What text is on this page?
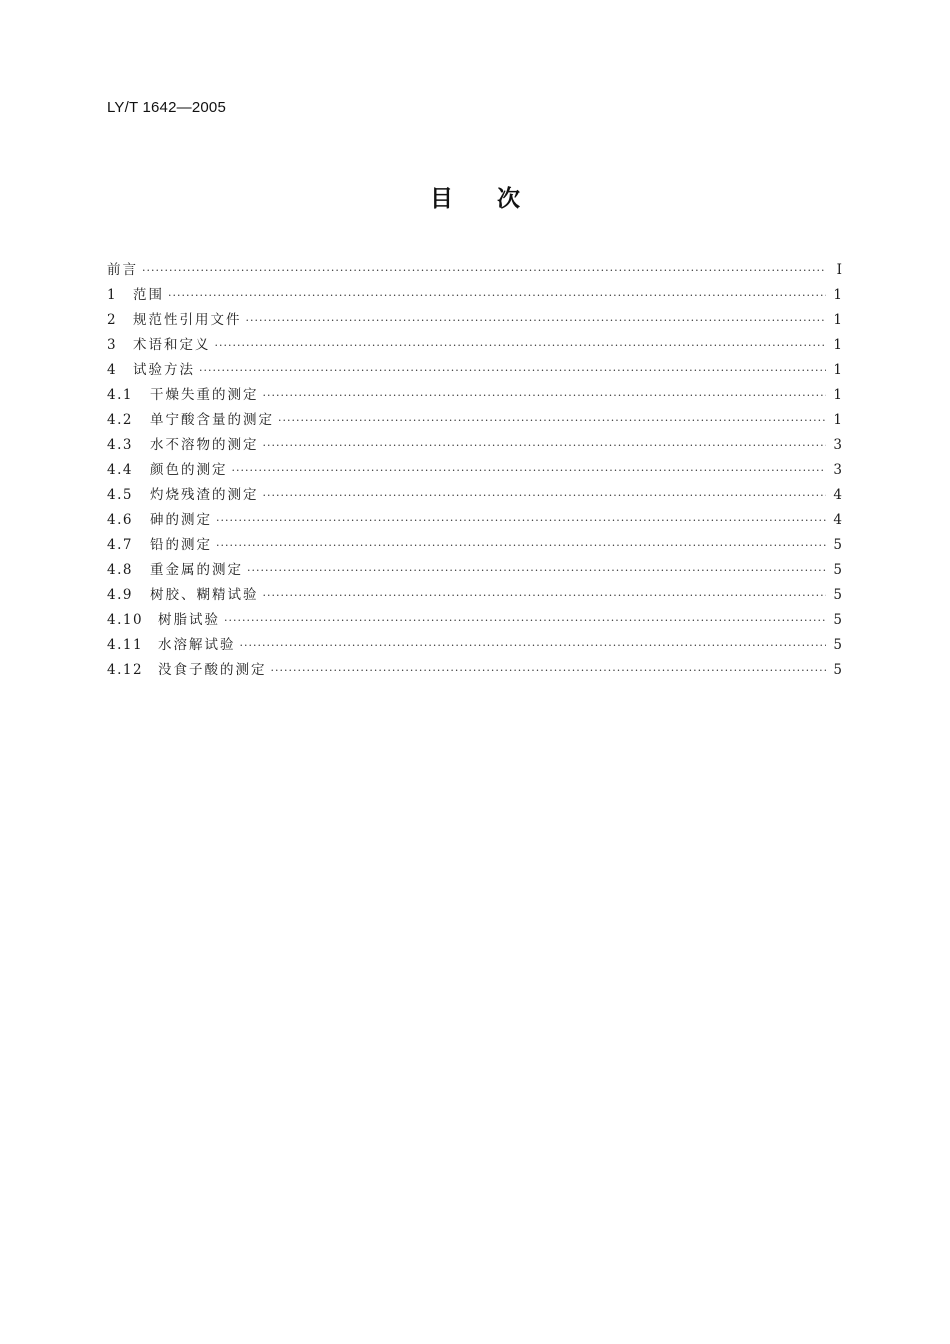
LY/T 1642—2005
目 次
前言 ·····	Ⅰ
1	范围 ·····	1
2	规范性引用文件 ·····	1
3	术语和定义 ·····	1
4	试验方法 ·····	1
4.1	干燥失重的测定 ·····	1
4.2	单宁酸含量的测定 ·····	1
4.3	水不溶物的测定 ·····	3
4.4	颜色的测定 ·····	3
4.5	灼烧残渣的测定 ·····	4
4.6	砷的测定 ·····	4
4.7	铅的测定 ·····	5
4.8	重金属的测定 ·····	5
4.9	树胶、糊精试验 ·····	5
4.10	树脂试验 ·····	5
4.11	水溶解试验 ·····	5
4.12	没食子酸的测定 ·····	5
